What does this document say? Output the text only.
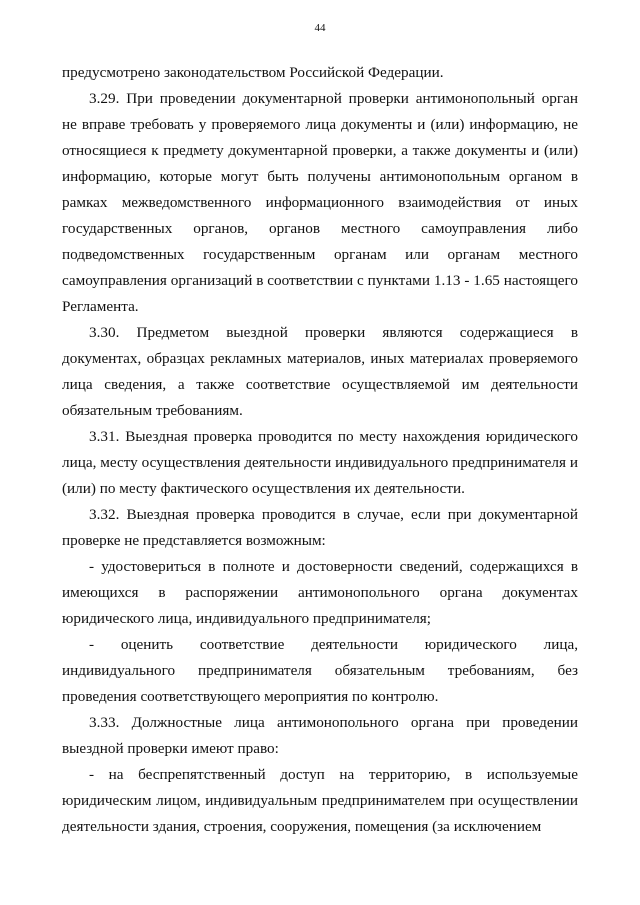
44

предусмотрено законодательством Российской Федерации.

3.29. При проведении документарной проверки антимонопольный орган не вправе требовать у проверяемого лица документы и (или) информацию, не относящиеся к предмету документарной проверки, а также документы и (или) информацию, которые могут быть получены антимонопольным органом в рамках межведомственного информационного взаимодействия от иных государственных органов, органов местного самоуправления либо подведомственных государственным органам или органам местного самоуправления организаций в соответствии с пунктами 1.13 - 1.65 настоящего Регламента.

3.30. Предметом выездной проверки являются содержащиеся в документах, образцах рекламных материалов, иных материалах проверяемого лица сведения, а также соответствие осуществляемой им деятельности обязательным требованиям.

3.31. Выездная проверка проводится по месту нахождения юридического лица, месту осуществления деятельности индивидуального предпринимателя и (или) по месту фактического осуществления их деятельности.

3.32. Выездная проверка проводится в случае, если при документарной проверке не представляется возможным:

- удостовериться в полноте и достоверности сведений, содержащихся в имеющихся в распоряжении антимонопольного органа документах юридического лица, индивидуального предпринимателя;

- оценить соответствие деятельности юридического лица, индивидуального предпринимателя обязательным требованиям, без проведения соответствующего мероприятия по контролю.

3.33. Должностные лица антимонопольного органа при проведении выездной проверки имеют право:

- на беспрепятственный доступ на территорию, в используемые юридическим лицом, индивидуальным предпринимателем при осуществлении деятельности здания, строения, сооружения, помещения (за исключением
